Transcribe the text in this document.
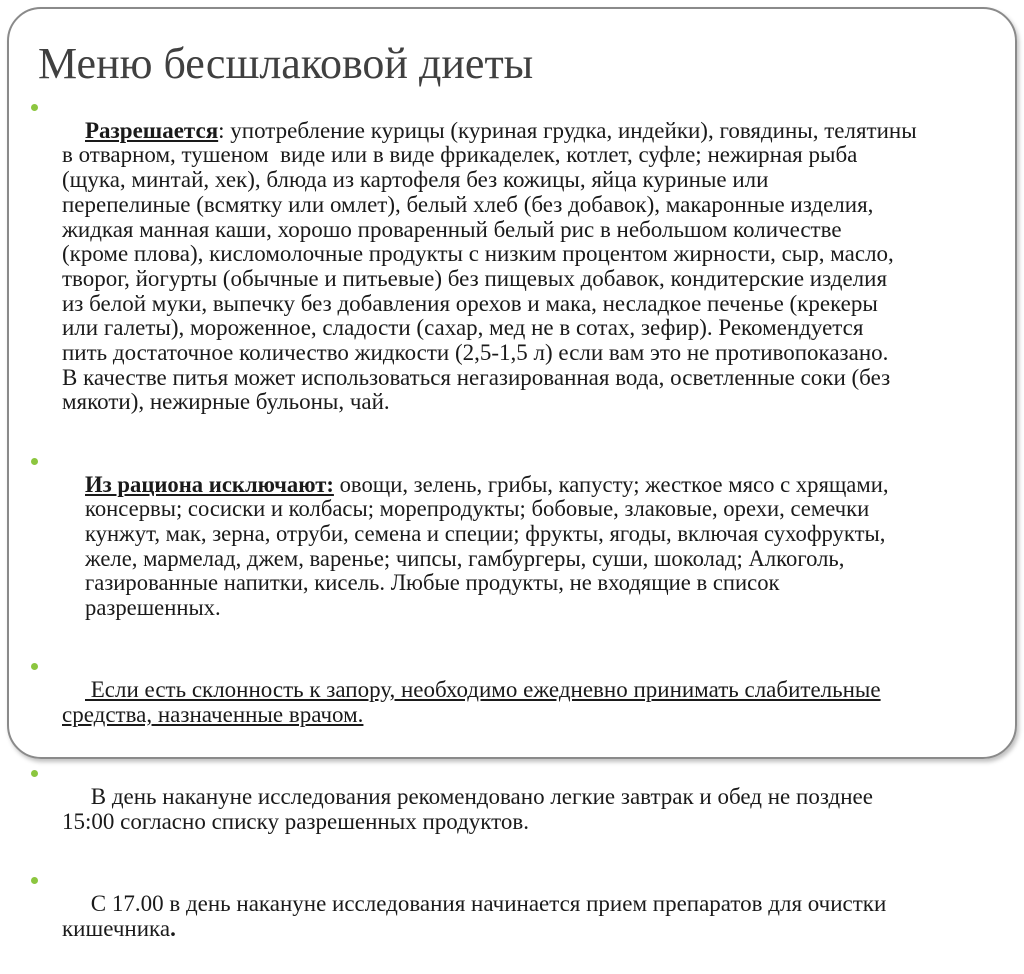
Меню бесшлаковой диеты

Разрешается: употребление курицы (куриная грудка, индейки), говядины, телятины
в отварном, тушеном  виде или в виде фрикаделек, котлет, суфле; нежирная рыба
(щука, минтай, хек), блюда из картофеля без кожицы, яйца куриные или
перепелиные (всмятку или омлет), белый хлеб (без добавок), макаронные изделия,
жидкая манная каши, хорошо проваренный белый рис в небольшом количестве
(кроме плова), кисломолочные продукты с низким процентом жирности, сыр, масло,
творог, йогурты (обычные и питьевые) без пищевых добавок, кондитерские изделия
из белой муки, выпечку без добавления орехов и мака, несладкое печенье (крекеры
или галеты), мороженное, сладости (сахар, мед не в сотах, зефир). Рекомендуется
пить достаточное количество жидкости (2,5-1,5 л) если вам это не противопоказано.
В качестве питья может использоваться негазированная вода, осветленные соки (без
мякоти), нежирные бульоны, чай.

Из рациона исключают: овощи, зелень, грибы, капусту; жесткое мясо с хрящами,
консервы; сосиски и колбасы; морепродукты; бобовые, злаковые, орехи, семечки
кунжут, мак, зерна, отруби, семена и специи; фрукты, ягоды, включая сухофрукты,
желе, мармелад, джем, варенье; чипсы, гамбургеры, суши, шоколад; Алкоголь,
газированные напитки, кисель. Любые продукты, не входящие в список
разрешенных.

Если есть склонность к запору, необходимо ежедневно принимать слабительные
средства, назначенные врачом.

В день накануне исследования рекомендовано легкие завтрак и обед не позднее
15:00 согласно списку разрешенных продуктов.

С 17.00 в день накануне исследования начинается прием препаратов для очистки
кишечника.
